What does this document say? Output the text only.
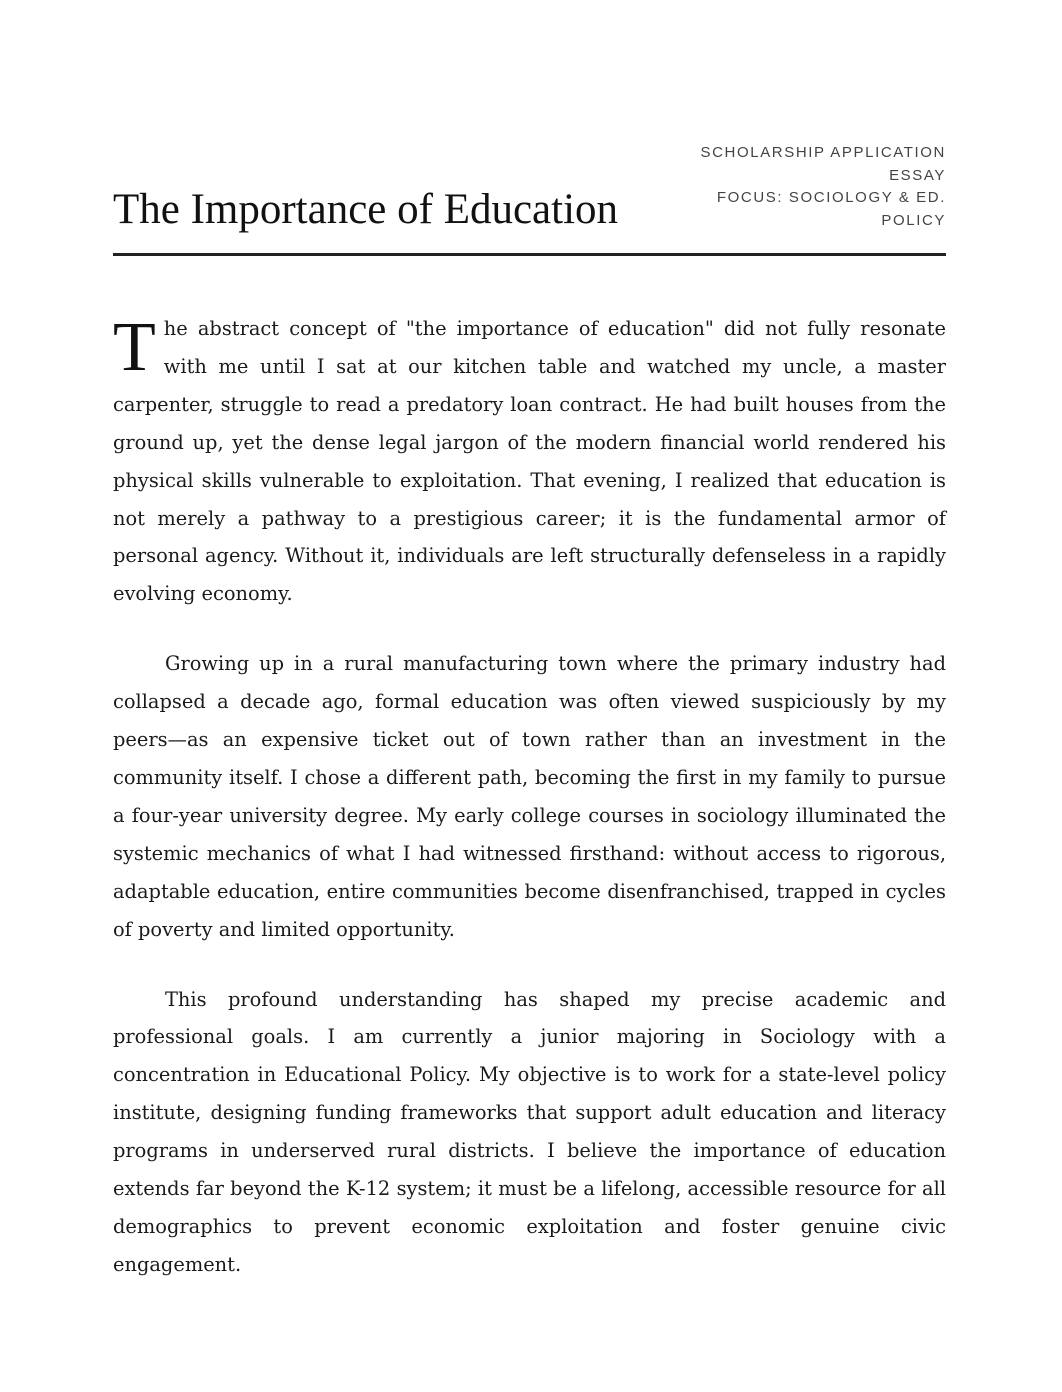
The Importance of Education
SCHOLARSHIP APPLICATION
ESSAY
FOCUS: SOCIOLOGY & ED.
POLICY

The abstract concept of "the importance of education" did not fully resonate with me until I sat at our kitchen table and watched my uncle, a master carpenter, struggle to read a predatory loan contract. He had built houses from the ground up, yet the dense legal jargon of the modern financial world rendered his physical skills vulnerable to exploitation. That evening, I realized that education is not merely a pathway to a prestigious career; it is the fundamental armor of personal agency. Without it, individuals are left structurally defenseless in a rapidly evolving economy.

Growing up in a rural manufacturing town where the primary industry had collapsed a decade ago, formal education was often viewed suspiciously by my peers—as an expensive ticket out of town rather than an investment in the community itself. I chose a different path, becoming the first in my family to pursue a four-year university degree. My early college courses in sociology illuminated the systemic mechanics of what I had witnessed firsthand: without access to rigorous, adaptable education, entire communities become disenfranchised, trapped in cycles of poverty and limited opportunity.

This profound understanding has shaped my precise academic and professional goals. I am currently a junior majoring in Sociology with a concentration in Educational Policy. My objective is to work for a state-level policy institute, designing funding frameworks that support adult education and literacy programs in underserved rural districts. I believe the importance of education extends far beyond the K-12 system; it must be a lifelong, accessible resource for all demographics to prevent economic exploitation and foster genuine civic engagement.
